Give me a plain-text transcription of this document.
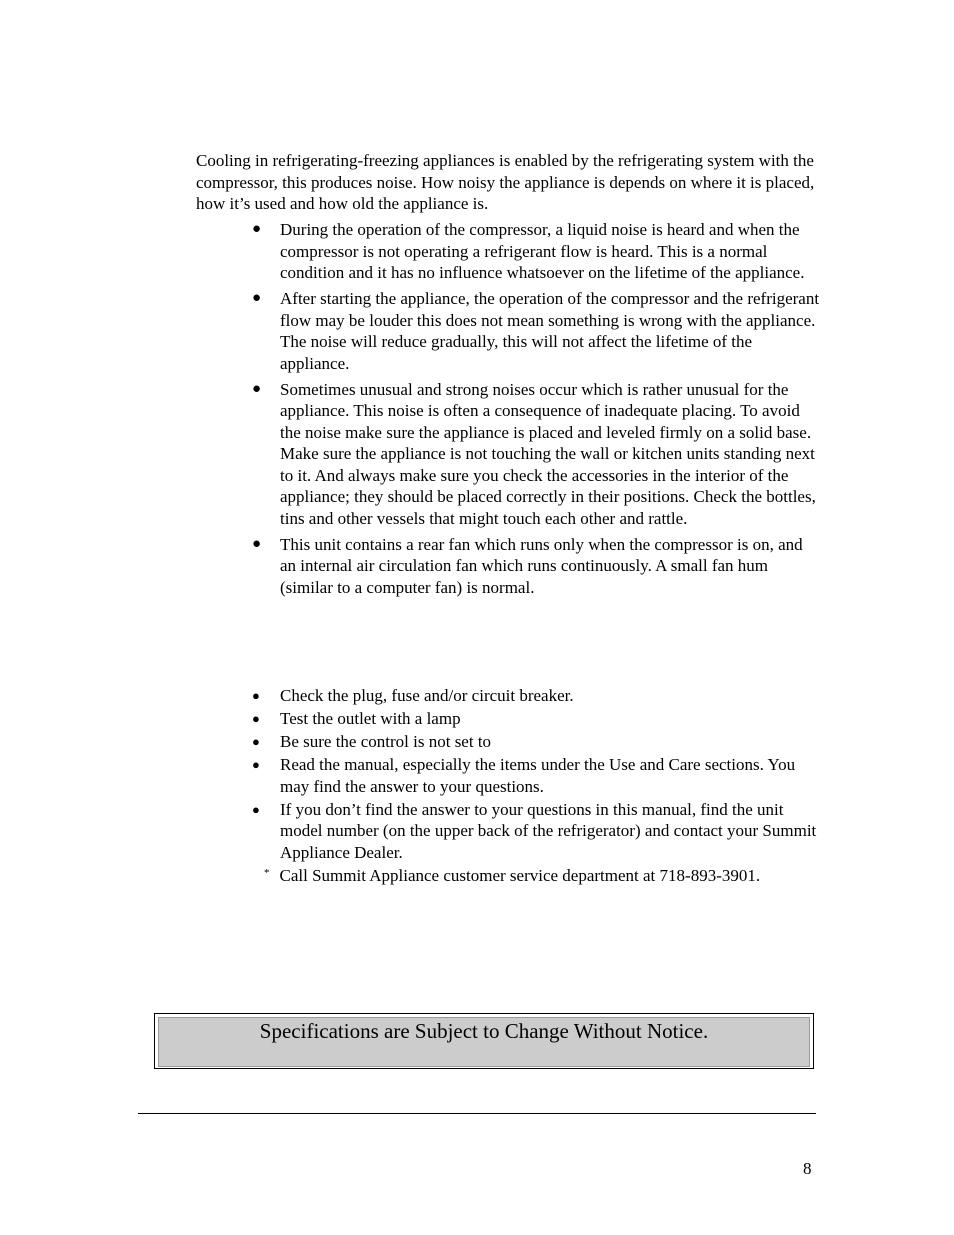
Cooling in refrigerating-freezing appliances is enabled by the refrigerating system with the compressor, this produces noise. How noisy the appliance is depends on where it is placed, how it’s used and how old the appliance is.

● During the operation of the compressor, a liquid noise is heard and when the compressor is not operating a refrigerant flow is heard. This is a normal condition and it has no influence whatsoever on the lifetime of the appliance.
● After starting the appliance, the operation of the compressor and the refrigerant flow may be louder this does not mean something is wrong with the appliance. The noise will reduce gradually, this will not affect the lifetime of the appliance.
● Sometimes unusual and strong noises occur which is rather unusual for the appliance. This noise is often a consequence of inadequate placing. To avoid the noise make sure the appliance is placed and leveled firmly on a solid base. Make sure the appliance is not touching the wall or kitchen units standing next to it. And always make sure you check the accessories in the interior of the appliance; they should be placed correctly in their positions. Check the bottles, tins and other vessels that might touch each other and rattle.
● This unit contains a rear fan which runs only when the compressor is on, and an internal air circulation fan which runs continuously. A small fan hum (similar to a computer fan) is normal.
● Check the plug, fuse and/or circuit breaker.
● Test the outlet with a lamp
● Be sure the control is not set to
● Read the manual, especially the items under the Use and Care sections. You may find the answer to your questions.
● If you don’t find the answer to your questions in this manual, find the unit model number (on the upper back of the refrigerator) and contact your Summit Appliance Dealer.

* Call Summit Appliance customer service department at 718-893-3901.

Specifications are Subject to Change Without Notice.
8
